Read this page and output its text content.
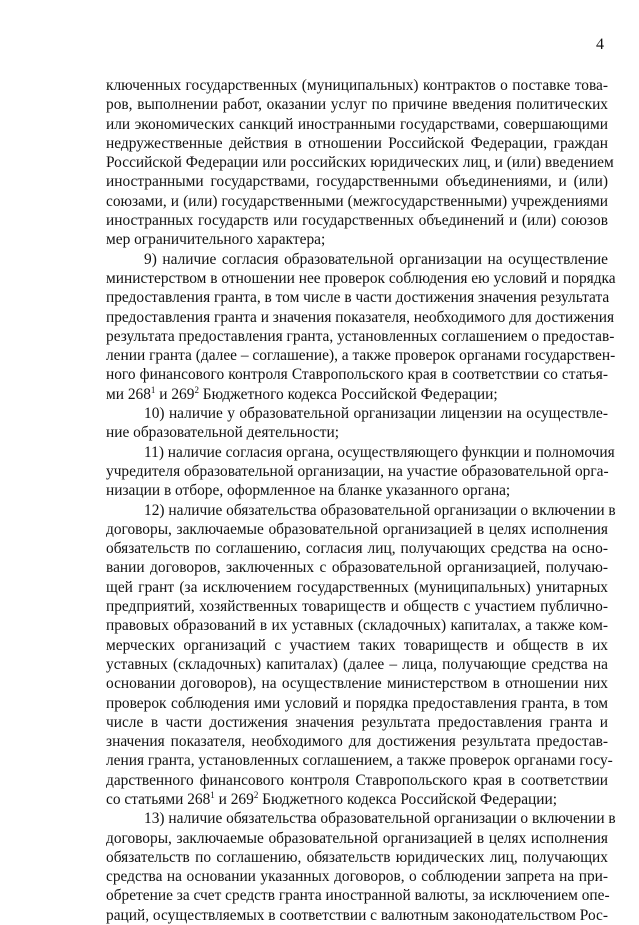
4
ключенных государственных (муниципальных) контрактов о поставке това-
ров, выполнении работ, оказании услуг по причине введения политических
или экономических санкций иностранными государствами, совершающими
недружественные действия в отношении Российской Федерации, граждан
Российской Федерации или российских юридических лиц, и (или) введением
иностранными государствами, государственными объединениями, и (или)
союзами, и (или) государственными (межгосударственными) учреждениями
иностранных государств или государственных объединений и (или) союзов
мер ограничительного характера;
9) наличие согласия образовательной организации на осуществление
министерством в отношении нее проверок соблюдения ею условий и порядка
предоставления гранта, в том числе в части достижения значения результата
предоставления гранта и значения показателя, необходимого для достижения
результата предоставления гранта, установленных соглашением о предостав-
лении гранта (далее – соглашение), а также проверок органами государствен-
ного финансового контроля Ставропольского края в соответствии со статья-
ми $268^1$ и $269^2$ Бюджетного кодекса Российской Федерации;
10) наличие у образовательной организации лицензии на осуществле-
ние образовательной деятельности;
11) наличие согласия органа, осуществляющего функции и полномочия
учредителя образовательной организации, на участие образовательной орга-
низации в отборе, оформленное на бланке указанного органа;
12) наличие обязательства образовательной организации о включении в
договоры, заключаемые образовательной организацией в целях исполнения
обязательств по соглашению, согласия лиц, получающих средства на осно-
вании договоров, заключенных с образовательной организацией, получаю-
щей грант (за исключением государственных (муниципальных) унитарных
предприятий, хозяйственных товариществ и обществ с участием публично-
правовых образований в их уставных (складочных) капиталах, а также ком-
мерческих организаций с участием таких товариществ и обществ в их
уставных (складочных) капиталах) (далее – лица, получающие средства на
основании договоров), на осуществление министерством в отношении них
проверок соблюдения ими условий и порядка предоставления гранта, в том
числе в части достижения значения результата предоставления гранта и
значения показателя, необходимого для достижения результата предостав-
ления гранта, установленных соглашением, а также проверок органами госу-
дарственного финансового контроля Ставропольского края в соответствии
со статьями $268^1$ и $269^2$ Бюджетного кодекса Российской Федерации;
13) наличие обязательства образовательной организации о включении в
договоры, заключаемые образовательной организацией в целях исполнения
обязательств по соглашению, обязательств юридических лиц, получающих
средства на основании указанных договоров, о соблюдении запрета на при-
обретение за счет средств гранта иностранной валюты, за исключением опе-
раций, осуществляемых в соответствии с валютным законодательством Рос-
